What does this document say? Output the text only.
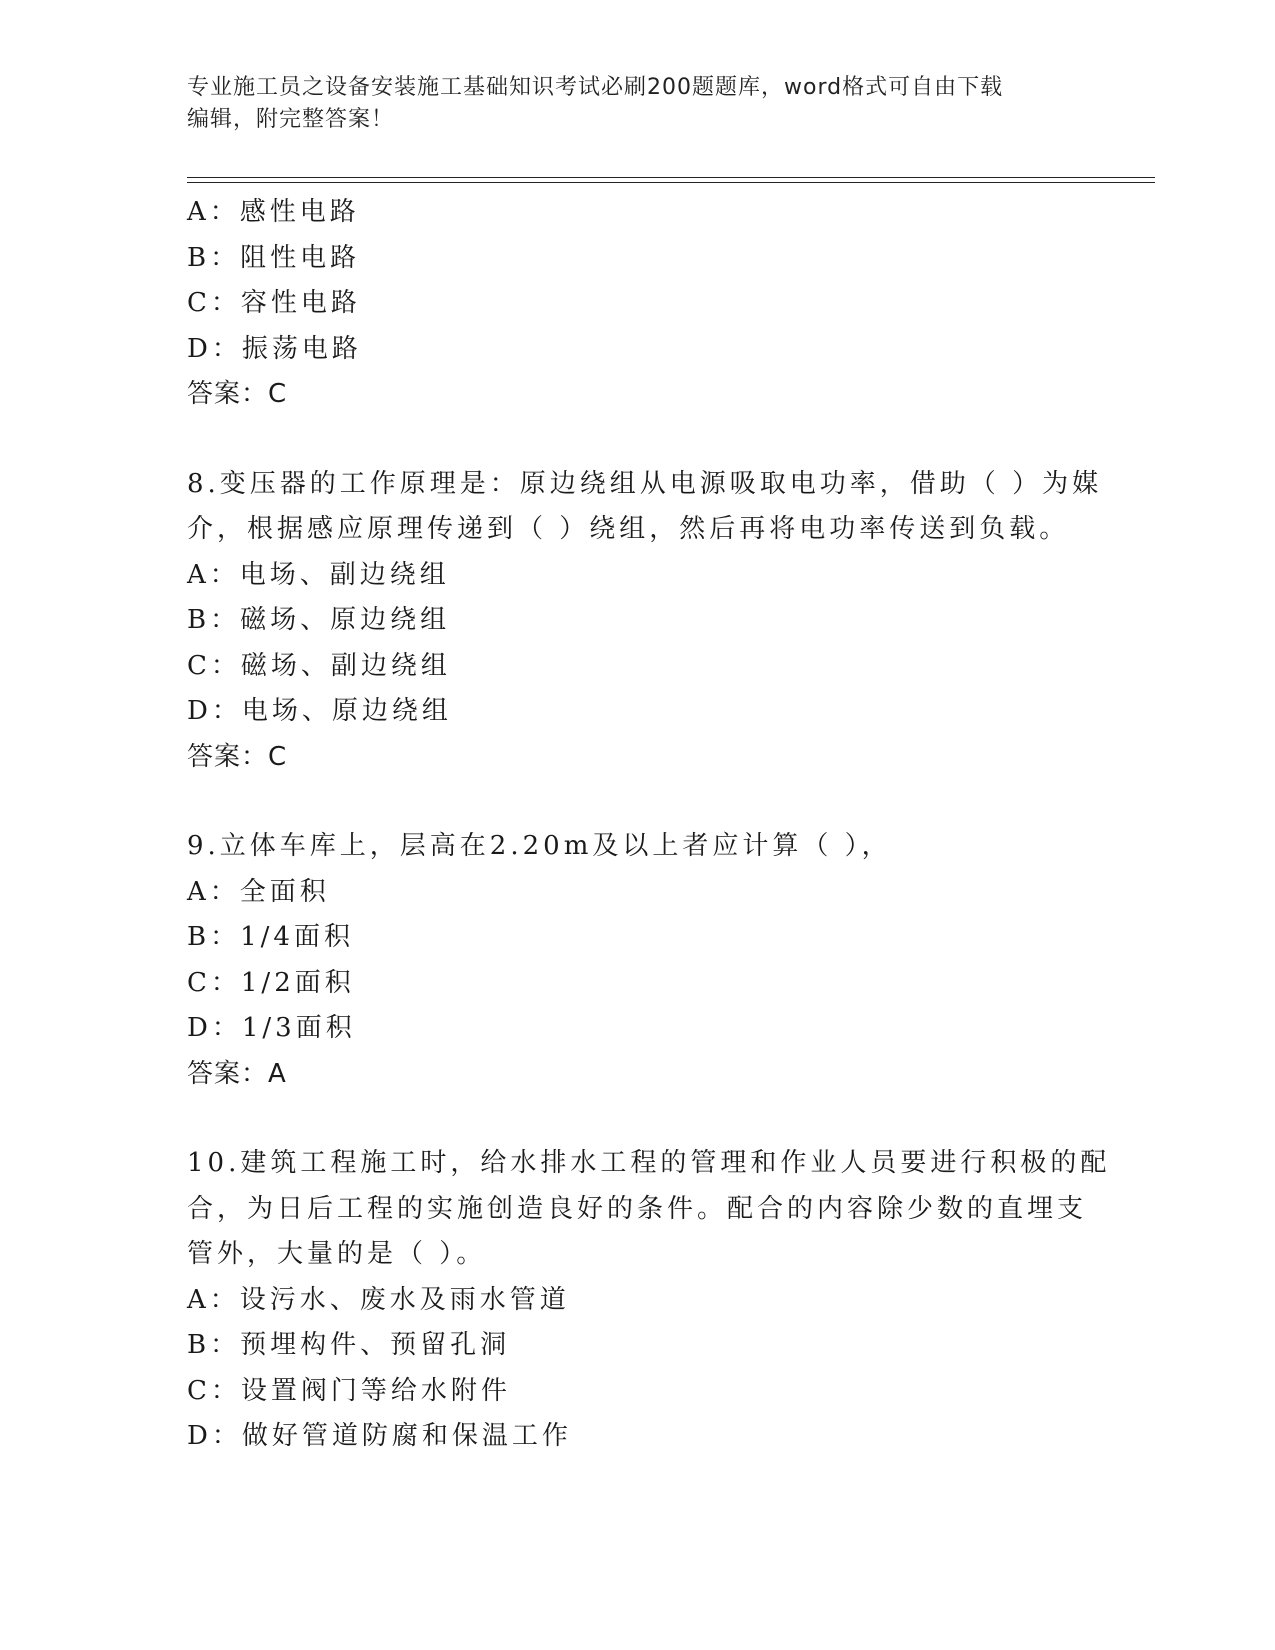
专业施工员之设备安装施工基础知识考试必刷200题题库，word格式可自由下载
编辑，附完整答案！
A：感性电路
B：阻性电路
C：容性电路
D：振荡电路
答案：C
8.变压器的工作原理是：原边绕组从电源吸取电功率，借助（ ）为媒
介，根据感应原理传递到（ ）绕组，然后再将电功率传送到负载。
A：电场、副边绕组
B：磁场、原边绕组
C：磁场、副边绕组
D：电场、原边绕组
答案：C
9.立体车库上，层高在2.20m及以上者应计算（ ），
A：全面积
B：1/4面积
C：1/2面积
D：1/3面积
答案：A
10.建筑工程施工时，给水排水工程的管理和作业人员要进行积极的配
合，为日后工程的实施创造良好的条件。配合的内容除少数的直埋支
管外，大量的是（ ）。
A：设污水、废水及雨水管道
B：预埋构件、预留孔洞
C：设置阀门等给水附件
D：做好管道防腐和保温工作
